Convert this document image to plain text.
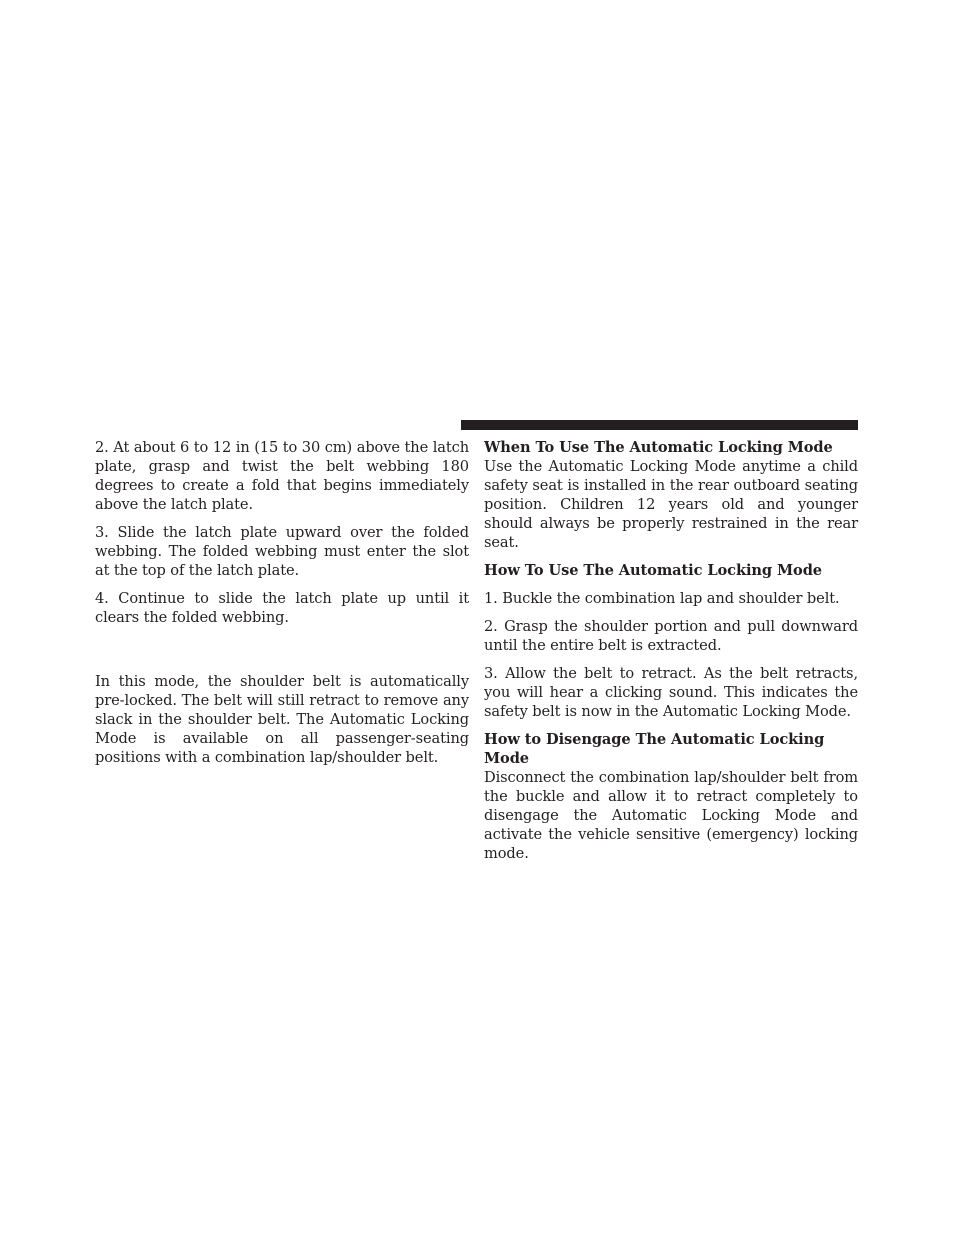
2. At about 6 to 12 in (15 to 30 cm) above the latch plate, grasp and twist the belt webbing 180 degrees to create a fold that begins immediately above the latch plate.

3. Slide the latch plate upward over the folded webbing. The folded webbing must enter the slot at the top of the latch plate.

4. Continue to slide the latch plate up until it clears the folded webbing.

In this mode, the shoulder belt is automatically pre-locked. The belt will still retract to remove any slack in the shoulder belt. The Automatic Locking Mode is available on all passenger-seating positions with a combination lap/shoulder belt.

When To Use The Automatic Locking Mode

Use the Automatic Locking Mode anytime a child safety seat is installed in the rear outboard seating position. Children 12 years old and younger should always be properly restrained in the rear seat.

How To Use The Automatic Locking Mode

1. Buckle the combination lap and shoulder belt.

2. Grasp the shoulder portion and pull downward until the entire belt is extracted.

3. Allow the belt to retract. As the belt retracts, you will hear a clicking sound. This indicates the safety belt is now in the Automatic Locking Mode.

How to Disengage The Automatic Locking Mode

Disconnect the combination lap/shoulder belt from the buckle and allow it to retract completely to disengage the Automatic Locking Mode and activate the vehicle sensitive (emergency) locking mode.
